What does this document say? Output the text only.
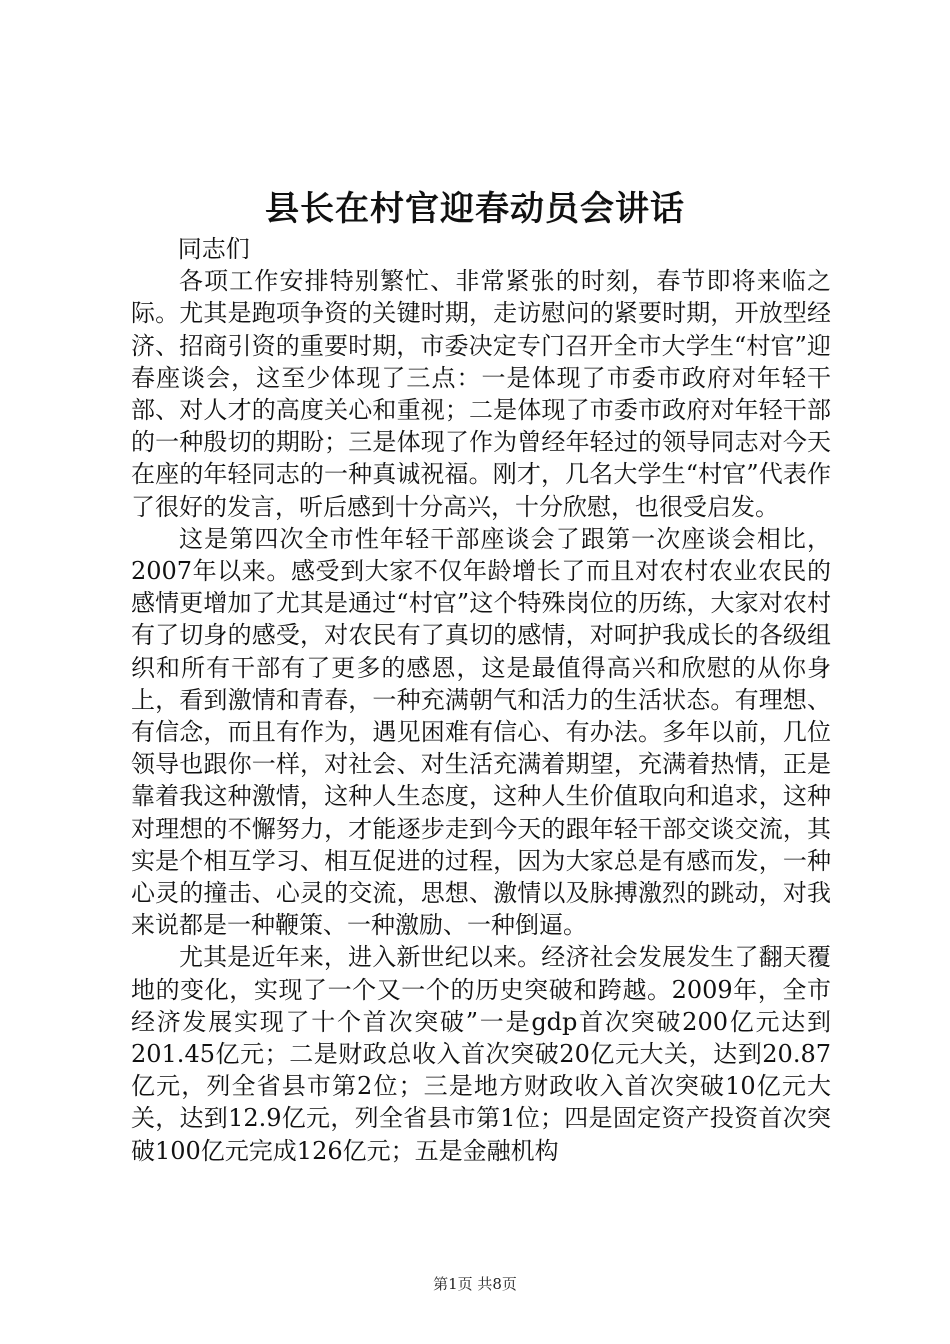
县长在村官迎春动员会讲话

同志们

各项工作安排特别繁忙、非常紧张的时刻，春节即将来临之际。尤其是跑项争资的关键时期，走访慰问的紧要时期，开放型经济、招商引资的重要时期，市委决定专门召开全市大学生“村官”迎春座谈会，这至少体现了三点：一是体现了市委市政府对年轻干部、对人才的高度关心和重视；二是体现了市委市政府对年轻干部的一种殷切的期盼；三是体现了作为曾经年轻过的领导同志对今天在座的年轻同志的一种真诚祝福。刚才，几名大学生“村官”代表作了很好的发言，听后感到十分高兴，十分欣慰，也很受启发。

这是第四次全市性年轻干部座谈会了跟第一次座谈会相比，2007年以来。感受到大家不仅年龄增长了而且对农村农业农民的感情更增加了尤其是通过“村官”这个特殊岗位的历练，大家对农村有了切身的感受，对农民有了真切的感情，对呵护我成长的各级组织和所有干部有了更多的感恩，这是最值得高兴和欣慰的从你身上，看到激情和青春，一种充满朝气和活力的生活状态。有理想、有信念，而且有作为，遇见困难有信心、有办法。多年以前，几位领导也跟你一样，对社会、对生活充满着期望，充满着热情，正是靠着我这种激情，这种人生态度，这种人生价值取向和追求，这种对理想的不懈努力，才能逐步走到今天的跟年轻干部交谈交流，其实是个相互学习、相互促进的过程，因为大家总是有感而发，一种心灵的撞击、心灵的交流，思想、激情以及脉搏激烈的跳动，对我来说都是一种鞭策、一种激励、一种倒逼。

尤其是近年来，进入新世纪以来。经济社会发展发生了翻天覆地的变化，实现了一个又一个的历史突破和跨越。2009年，全市经济发展实现了十个首次突破”一是gdp首次突破200亿元达到201.45亿元；二是财政总收入首次突破20亿元大关，达到20.87亿元，列全省县市第2位；三是地方财政收入首次突破10亿元大关，达到12.9亿元，列全省县市第1位；四是固定资产投资首次突破100亿元完成126亿元；五是金融机构

第1页 共8页
